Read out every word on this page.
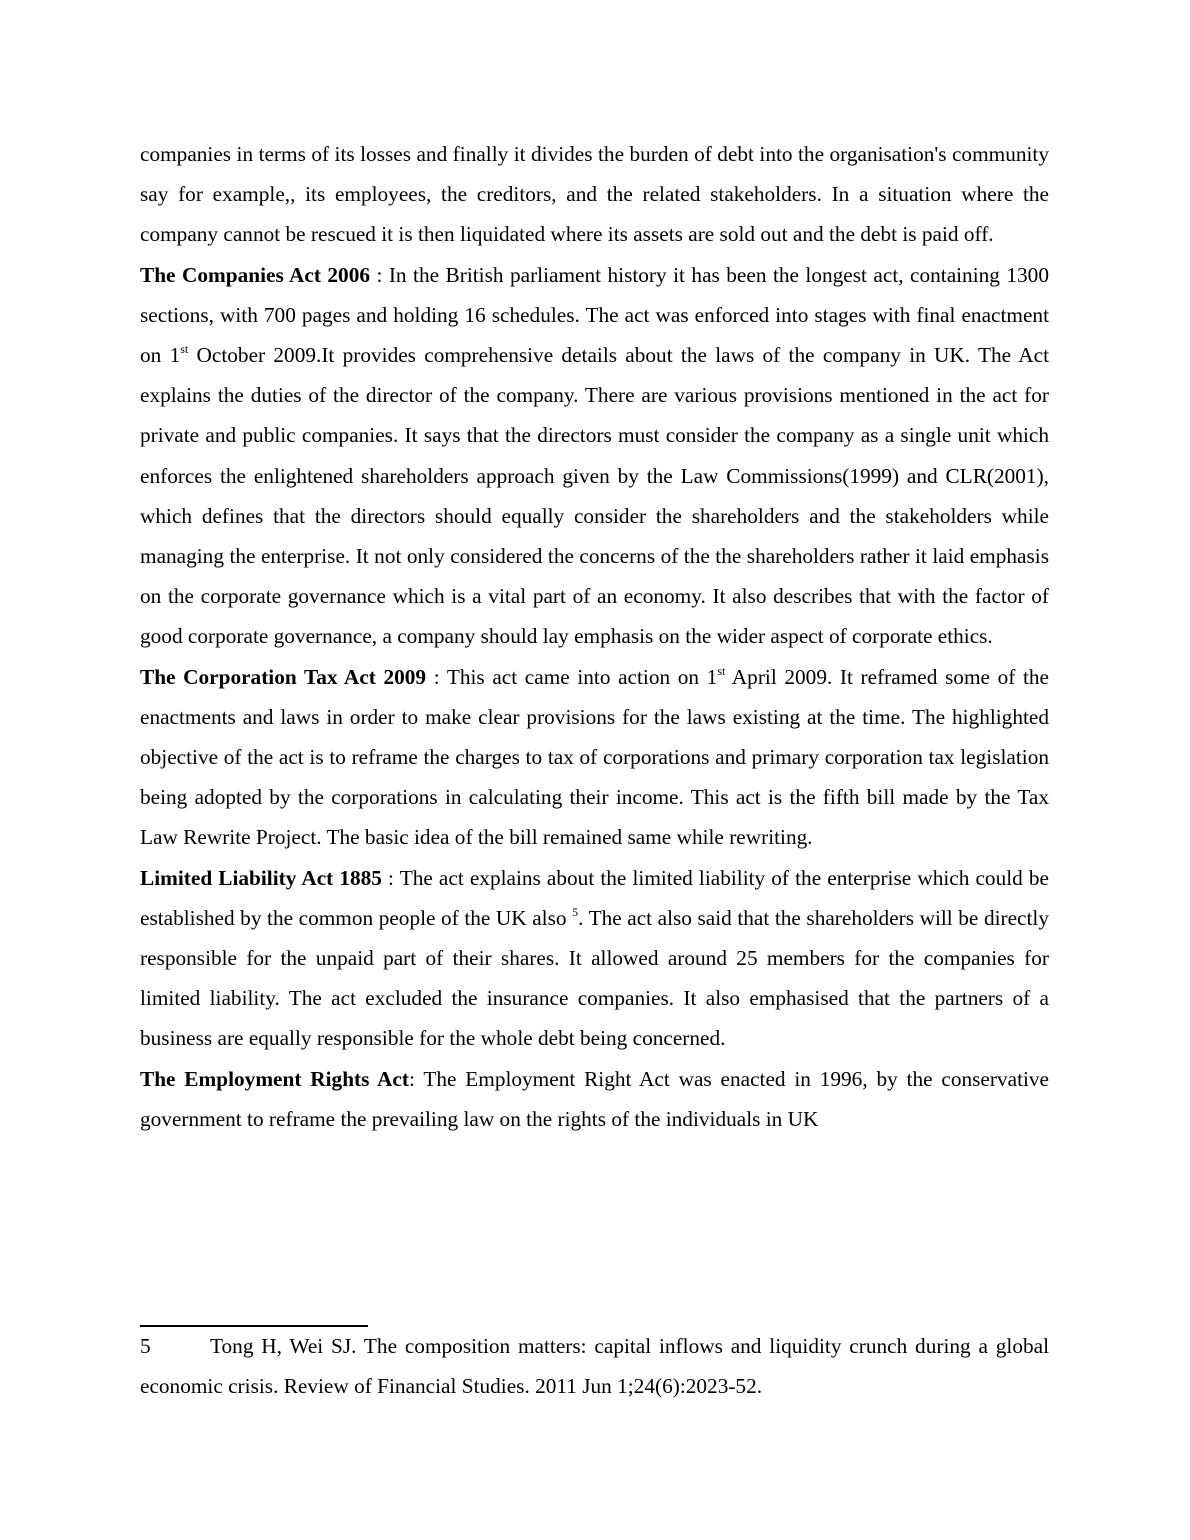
companies in terms of its losses and finally it divides the burden of debt into the organisation's community say for example,, its employees, the creditors, and the related stakeholders. In a situation where the company cannot be rescued it is then liquidated where its assets are sold out and the debt is paid off.

The Companies Act 2006 : In the British parliament history it has been the longest act, containing 1300 sections, with 700 pages and holding 16 schedules. The act was enforced into stages with final enactment on 1st October 2009.It provides comprehensive details about the laws of the company in UK. The Act explains the duties of the director of the company. There are various provisions mentioned in the act for private and public companies. It says that the directors must consider the company as a single unit which enforces the enlightened shareholders approach given by the Law Commissions(1999) and CLR(2001), which defines that the directors should equally consider the shareholders and the stakeholders while managing the enterprise. It not only considered the concerns of the the shareholders rather it laid emphasis on the corporate governance which is a vital part of an economy. It also describes that with the factor of good corporate governance, a company should lay emphasis on the wider aspect of corporate ethics.

The Corporation Tax Act 2009 : This act came into action on 1st April 2009. It reframed some of the enactments and laws in order to make clear provisions for the laws existing at the time. The highlighted objective of the act is to reframe the charges to tax of corporations and primary corporation tax legislation being adopted by the corporations in calculating their income. This act is the fifth bill made by the Tax Law Rewrite Project. The basic idea of the bill remained same while rewriting.

Limited Liability Act 1885 : The act explains about the limited liability of the enterprise which could be established by the common people of the UK also $^5$. The act also said that the shareholders will be directly responsible for the unpaid part of their shares. It allowed around 25 members for the companies for limited liability. The act excluded the insurance companies. It also emphasised that the partners of a business are equally responsible for the whole debt being concerned.

The Employment Rights Act: The Employment Right Act was enacted in 1996, by the conservative government to reframe the prevailing law on the rights of the individuals in UK

5	Tong H, Wei SJ. The composition matters: capital inflows and liquidity crunch during a global economic crisis. Review of Financial Studies. 2011 Jun 1;24(6):2023-52.
